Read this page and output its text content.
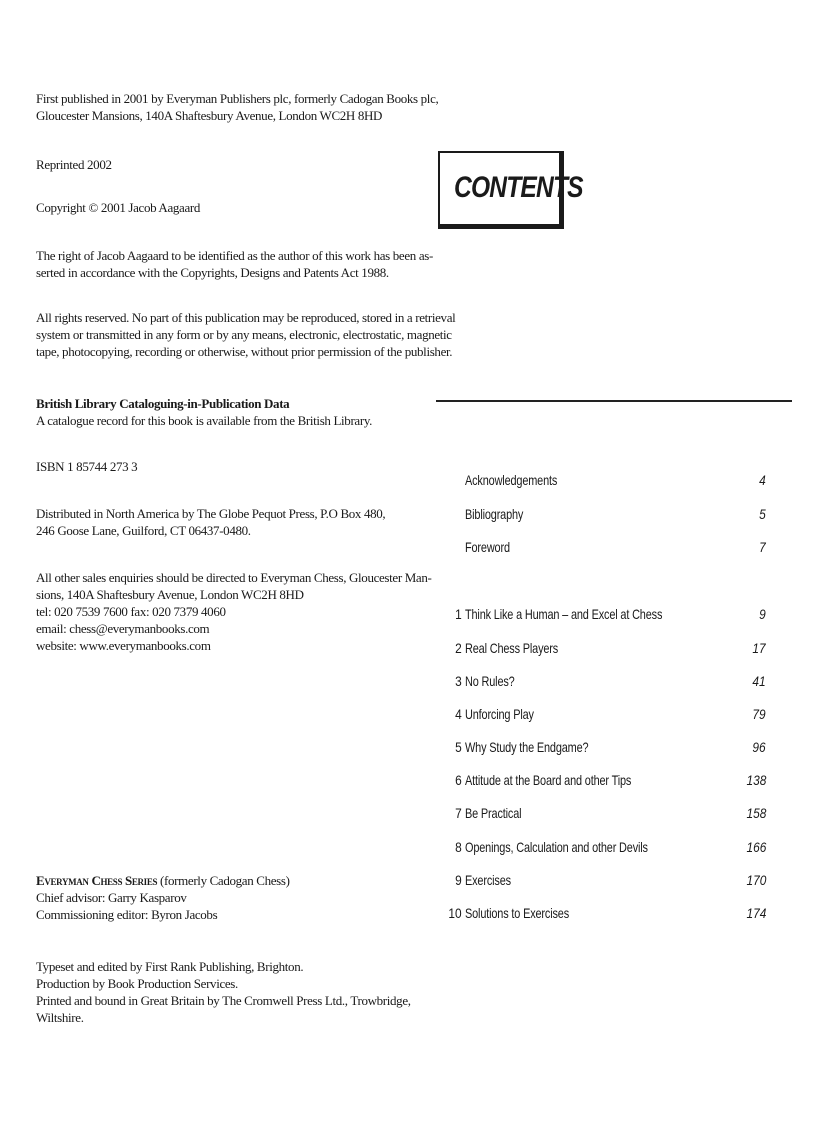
First published in 2001 by Everyman Publishers plc, formerly Cadogan Books plc,

Gloucester Mansions, 140A Shaftesbury Avenue, London WC2H 8HD

Reprinted 2002

Copyright © 2001 Jacob Aagaard

The right of Jacob Aagaard to be identified as the author of this work has been as-

serted in accordance with the Copyrights, Designs and Patents Act 1988.

All rights reserved. No part of this publication may be reproduced, stored in a retrieval

system or transmitted in any form or by any means, electronic, electrostatic, magnetic

tape, photocopying, recording or otherwise, without prior permission of the publisher.

British Library Cataloguing-in-Publication Data

A catalogue record for this book is available from the British Library.

ISBN 1 85744 273 3

Distributed in North America by The Globe Pequot Press, P.O Box 480,

246 Goose Lane, Guilford, CT 06437-0480.

All other sales enquiries should be directed to Everyman Chess, Gloucester Man-

sions, 140A Shaftesbury Avenue, London WC2H 8HD

tel: 020 7539 7600 fax: 020 7379 4060

email: chess@everymanbooks.com

website: www.everymanbooks.com

Everyman Chess Series (formerly Cadogan Chess)

Chief advisor: Garry Kasparov

Commissioning editor: Byron Jacobs

Typeset and edited by First Rank Publishing, Brighton.

Production by Book Production Services.

Printed and bound in Great Britain by The Cromwell Press Ltd., Trowbridge,

Wiltshire.

CONTENTS
Acknowledgements	4
Bibliography	5
Foreword	7
1 Think Like a Human – and Excel at Chess	9
2 Real Chess Players	17
3 No Rules?	41
4 Unforcing Play	79
5 Why Study the Endgame?	96
6 Attitude at the Board and other Tips	138
7 Be Practical	158
8 Openings, Calculation and other Devils	166
9 Exercises	170
10 Solutions to Exercises	174
